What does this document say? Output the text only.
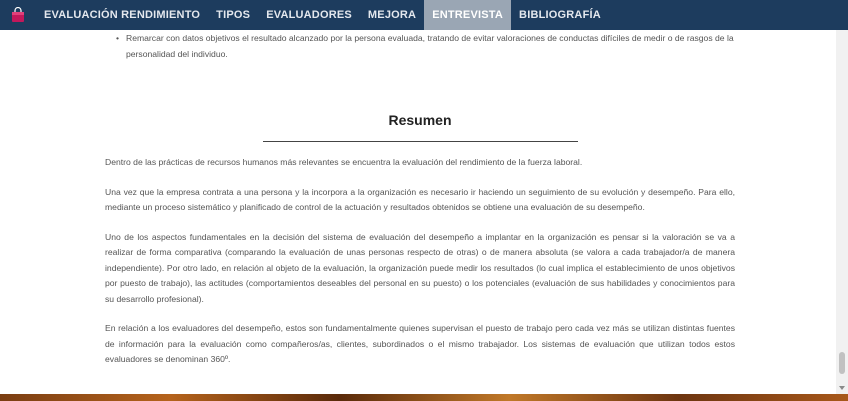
EVALUACIÓN RENDIMIENTO	TIPOS	EVALUADORES	MEJORA	ENTREVISTA	BIBLIOGRAFÍA
• Remarcar con datos objetivos el resultado alcanzado por la persona evaluada, tratando de evitar valoraciones de conductas difíciles de medir o de rasgos de la personalidad del individuo.
Resumen

Dentro de las prácticas de recursos humanos más relevantes se encuentra la evaluación del rendimiento de la fuerza laboral.

Una vez que la empresa contrata a una persona y la incorpora a la organización es necesario ir haciendo un seguimiento de su evolución y desempeño. Para ello, mediante un proceso sistemático y planificado de control de la actuación y resultados obtenidos se obtiene una evaluación de su desempeño.

Uno de los aspectos fundamentales en la decisión del sistema de evaluación del desempeño a implantar en la organización es pensar si la valoración se va a realizar de forma comparativa (comparando la evaluación de unas personas respecto de otras) o de manera absoluta (se valora a cada trabajador/a de manera independiente). Por otro lado, en relación al objeto de la evaluación, la organización puede medir los resultados (lo cual implica el establecimiento de unos objetivos por puesto de trabajo), las actitudes (comportamientos deseables del personal en su puesto) o los potenciales (evaluación de sus habilidades y conocimientos para su desarrollo profesional).

En relación a los evaluadores del desempeño, estos son fundamentalmente quienes supervisan el puesto de trabajo pero cada vez más se utilizan distintas fuentes de información para la evaluación como compañeros/as, clientes, subordinados o el mismo trabajador. Los sistemas de evaluación que utilizan todos estos evaluadores se denominan 360º.
